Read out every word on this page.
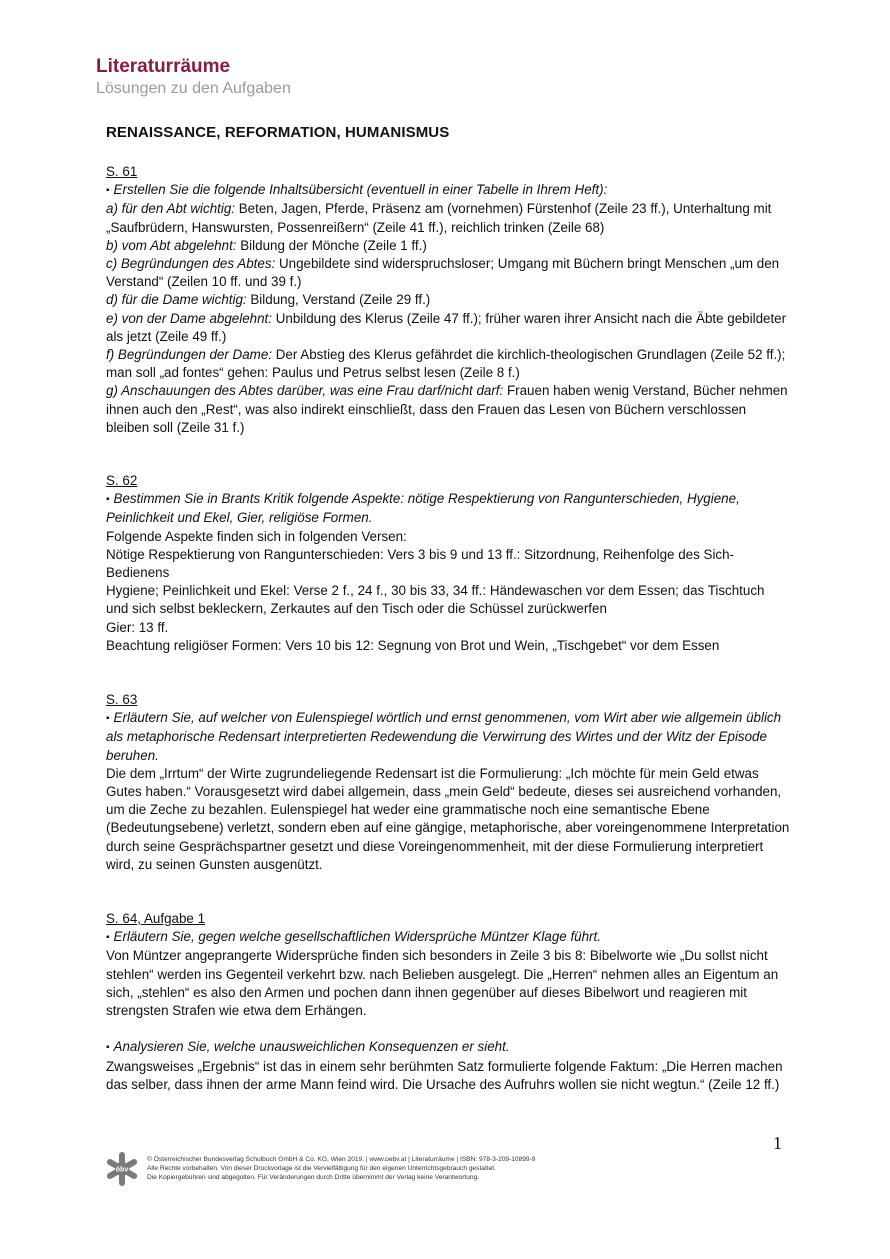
Literaturräume
Lösungen zu den Aufgaben
RENAISSANCE, REFORMATION, HUMANISMUS

S. 61

▪ Erstellen Sie die folgende Inhaltsübersicht (eventuell in einer Tabelle in Ihrem Heft):

a) für den Abt wichtig: Beten, Jagen, Pferde, Präsenz am (vornehmen) Fürstenhof (Zeile 23 ff.), Unterhaltung mit „Saufbrüdern, Hanswursten, Possenreißern“ (Zeile 41 ff.), reichlich trinken (Zeile 68)

b) vom Abt abgelehnt: Bildung der Mönche (Zeile 1 ff.)

c) Begründungen des Abtes: Ungebildete sind widerspruchsloser; Umgang mit Büchern bringt Menschen „um den Verstand“ (Zeilen 10 ff. und 39 f.)

d) für die Dame wichtig: Bildung, Verstand (Zeile 29 ff.)

e) von der Dame abgelehnt: Unbildung des Klerus (Zeile 47 ff.); früher waren ihrer Ansicht nach die Äbte gebildeter als jetzt (Zeile 49 ff.)

f) Begründungen der Dame: Der Abstieg des Klerus gefährdet die kirchlich-theologischen Grundlagen (Zeile 52 ff.); man soll „ad fontes“ gehen: Paulus und Petrus selbst lesen (Zeile 8 f.)

g) Anschauungen des Abtes darüber, was eine Frau darf/nicht darf: Frauen haben wenig Verstand, Bücher nehmen ihnen auch den „Rest“, was also indirekt einschließt, dass den Frauen das Lesen von Büchern verschlossen bleiben soll (Zeile 31 f.)

S. 62

▪ Bestimmen Sie in Brants Kritik folgende Aspekte: nötige Respektierung von Rangunterschieden, Hygiene, Peinlichkeit und Ekel, Gier, religiöse Formen.

Folgende Aspekte finden sich in folgenden Versen:

Nötige Respektierung von Rangunterschieden: Vers 3 bis 9 und 13 ff.: Sitzordnung, Reihenfolge des Sich-Bedienens

Hygiene; Peinlichkeit und Ekel: Verse 2 f., 24 f., 30 bis 33, 34 ff.: Händewaschen vor dem Essen; das Tischtuch und sich selbst bekleckern, Zerkautes auf den Tisch oder die Schüssel zurückwerfen

Gier: 13 ff.

Beachtung religiöser Formen: Vers 10 bis 12: Segnung von Brot und Wein, „Tischgebet“ vor dem Essen

S. 63

▪ Erläutern Sie, auf welcher von Eulenspiegel wörtlich und ernst genommenen, vom Wirt aber wie allgemein üblich als metaphorische Redensart interpretierten Redewendung die Verwirrung des Wirtes und der Witz der Episode beruhen.

Die dem „Irrtum“ der Wirte zugrundeliegende Redensart ist die Formulierung: „Ich möchte für mein Geld etwas Gutes haben.“ Vorausgesetzt wird dabei allgemein, dass „mein Geld“ bedeute, dieses sei ausreichend vorhanden, um die Zeche zu bezahlen. Eulenspiegel hat weder eine grammatische noch eine semantische Ebene (Bedeutungsebene) verletzt, sondern eben auf eine gängige, metaphorische, aber voreingenommene Interpretation durch seine Gesprächspartner gesetzt und diese Voreingenommenheit, mit der diese Formulierung interpretiert wird, zu seinen Gunsten ausgenützt.

S. 64, Aufgabe 1

▪ Erläutern Sie, gegen welche gesellschaftlichen Widersprüche Müntzer Klage führt.

Von Müntzer angeprangerte Widersprüche finden sich besonders in Zeile 3 bis 8: Bibelworte wie „Du sollst nicht stehlen“ werden ins Gegenteil verkehrt bzw. nach Belieben ausgelegt. Die „Herren“ nehmen alles an Eigentum an sich, „stehlen“ es also den Armen und pochen dann ihnen gegenüber auf dieses Bibelwort und reagieren mit strengsten Strafen wie etwa dem Erhängen.

▪ Analysieren Sie, welche unausweichlichen Konsequenzen er sieht.

Zwangsweises „Ergebnis“ ist das in einem sehr berühmten Satz formulierte folgende Faktum: „Die Herren machen das selber, dass ihnen der arme Mann feind wird. Die Ursache des Aufruhrs wollen sie nicht wegtun.“ (Zeile 12 ff.)

1
öbv

© Österreichischer Bundesverlag Schulbuch GmbH & Co. KG, Wien 2019. | www.oebv.at | Literaturräume | ISBN: 978-3-209-10899-9

Alle Rechte vorbehalten. Von dieser Druckvorlage ist die Vervielfältigung für den eigenen Unterrichtsgebrauch gestattet.

Die Kopiergebühren sind abgegolten. Für Veränderungen durch Dritte übernimmt der Verlag keine Verantwortung.
